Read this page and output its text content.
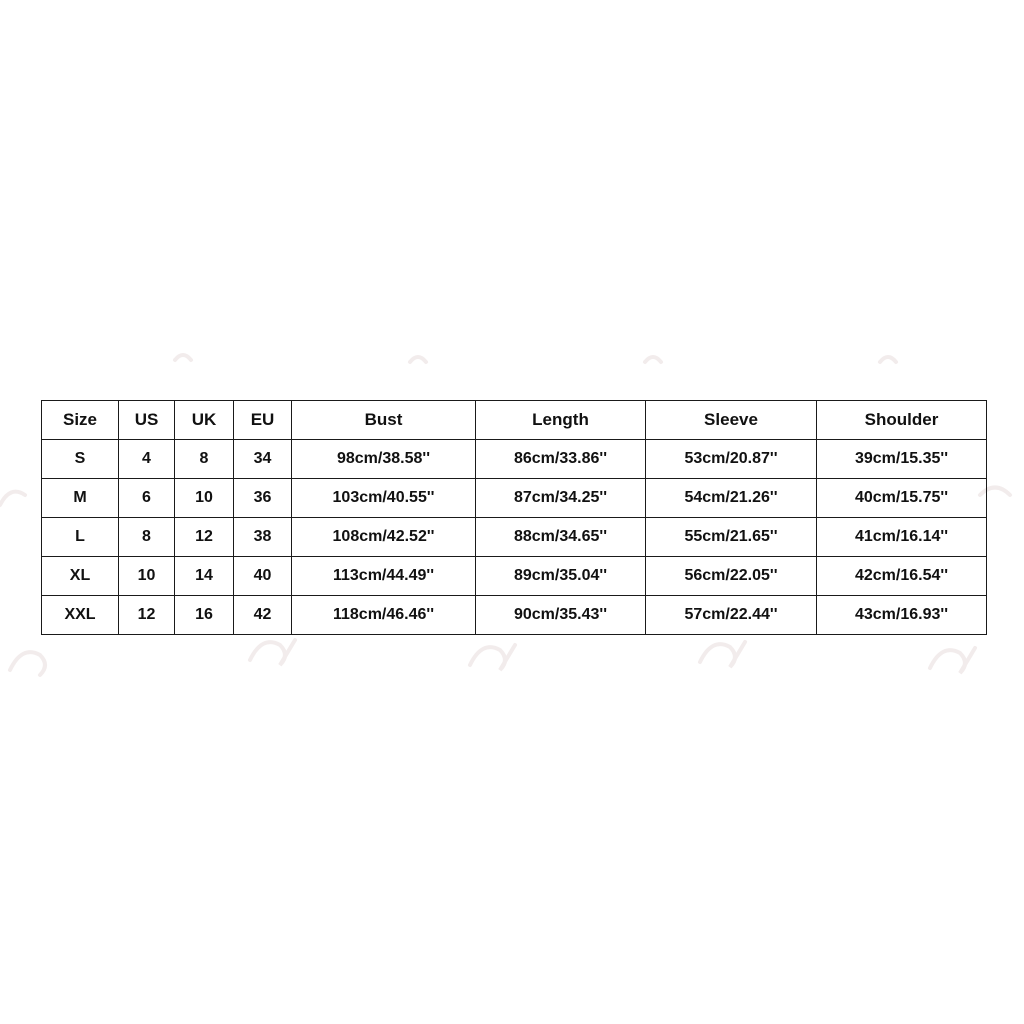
Size	US	UK	EU	Bust	Length	Sleeve	Shoulder
S	4	8	34	98cm/38.58''	86cm/33.86''	53cm/20.87''	39cm/15.35''
M	6	10	36	103cm/40.55''	87cm/34.25''	54cm/21.26''	40cm/15.75''
L	8	12	38	108cm/42.52''	88cm/34.65''	55cm/21.65''	41cm/16.14''
XL	10	14	40	113cm/44.49''	89cm/35.04''	56cm/22.05''	42cm/16.54''
XXL	12	16	42	118cm/46.46''	90cm/35.43''	57cm/22.44''	43cm/16.93''
